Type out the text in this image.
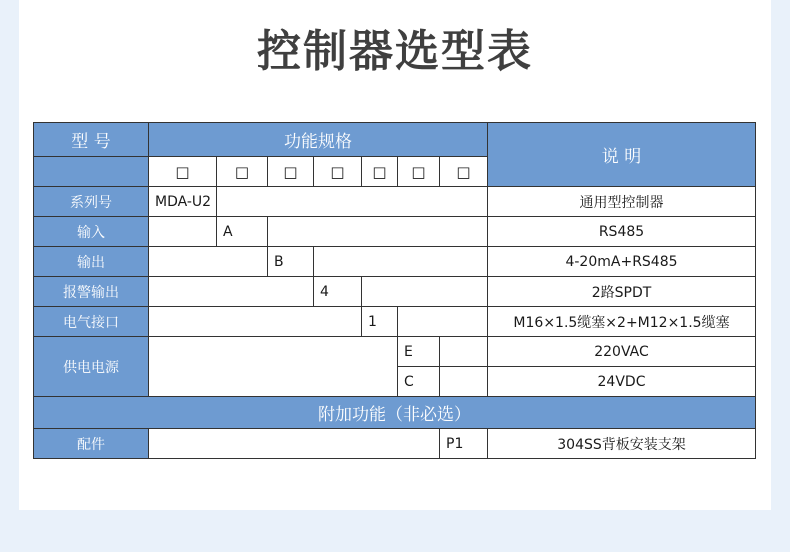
控制器选型表
型 号	功能规格							说 明
	□	□	□	□	□	□	□	
系列号	MDA-U2							通用型控制器
输入		A						RS485
输出			B					4-20mA+RS485
报警输出				4				2路SPDT
电气接口					1			M16×1.5缆塞×2+M12×1.5缆塞
供电电源						E		220VAC
						C		24VDC
附加功能（非必选）								
配件							P1	304SS背板安装支架
